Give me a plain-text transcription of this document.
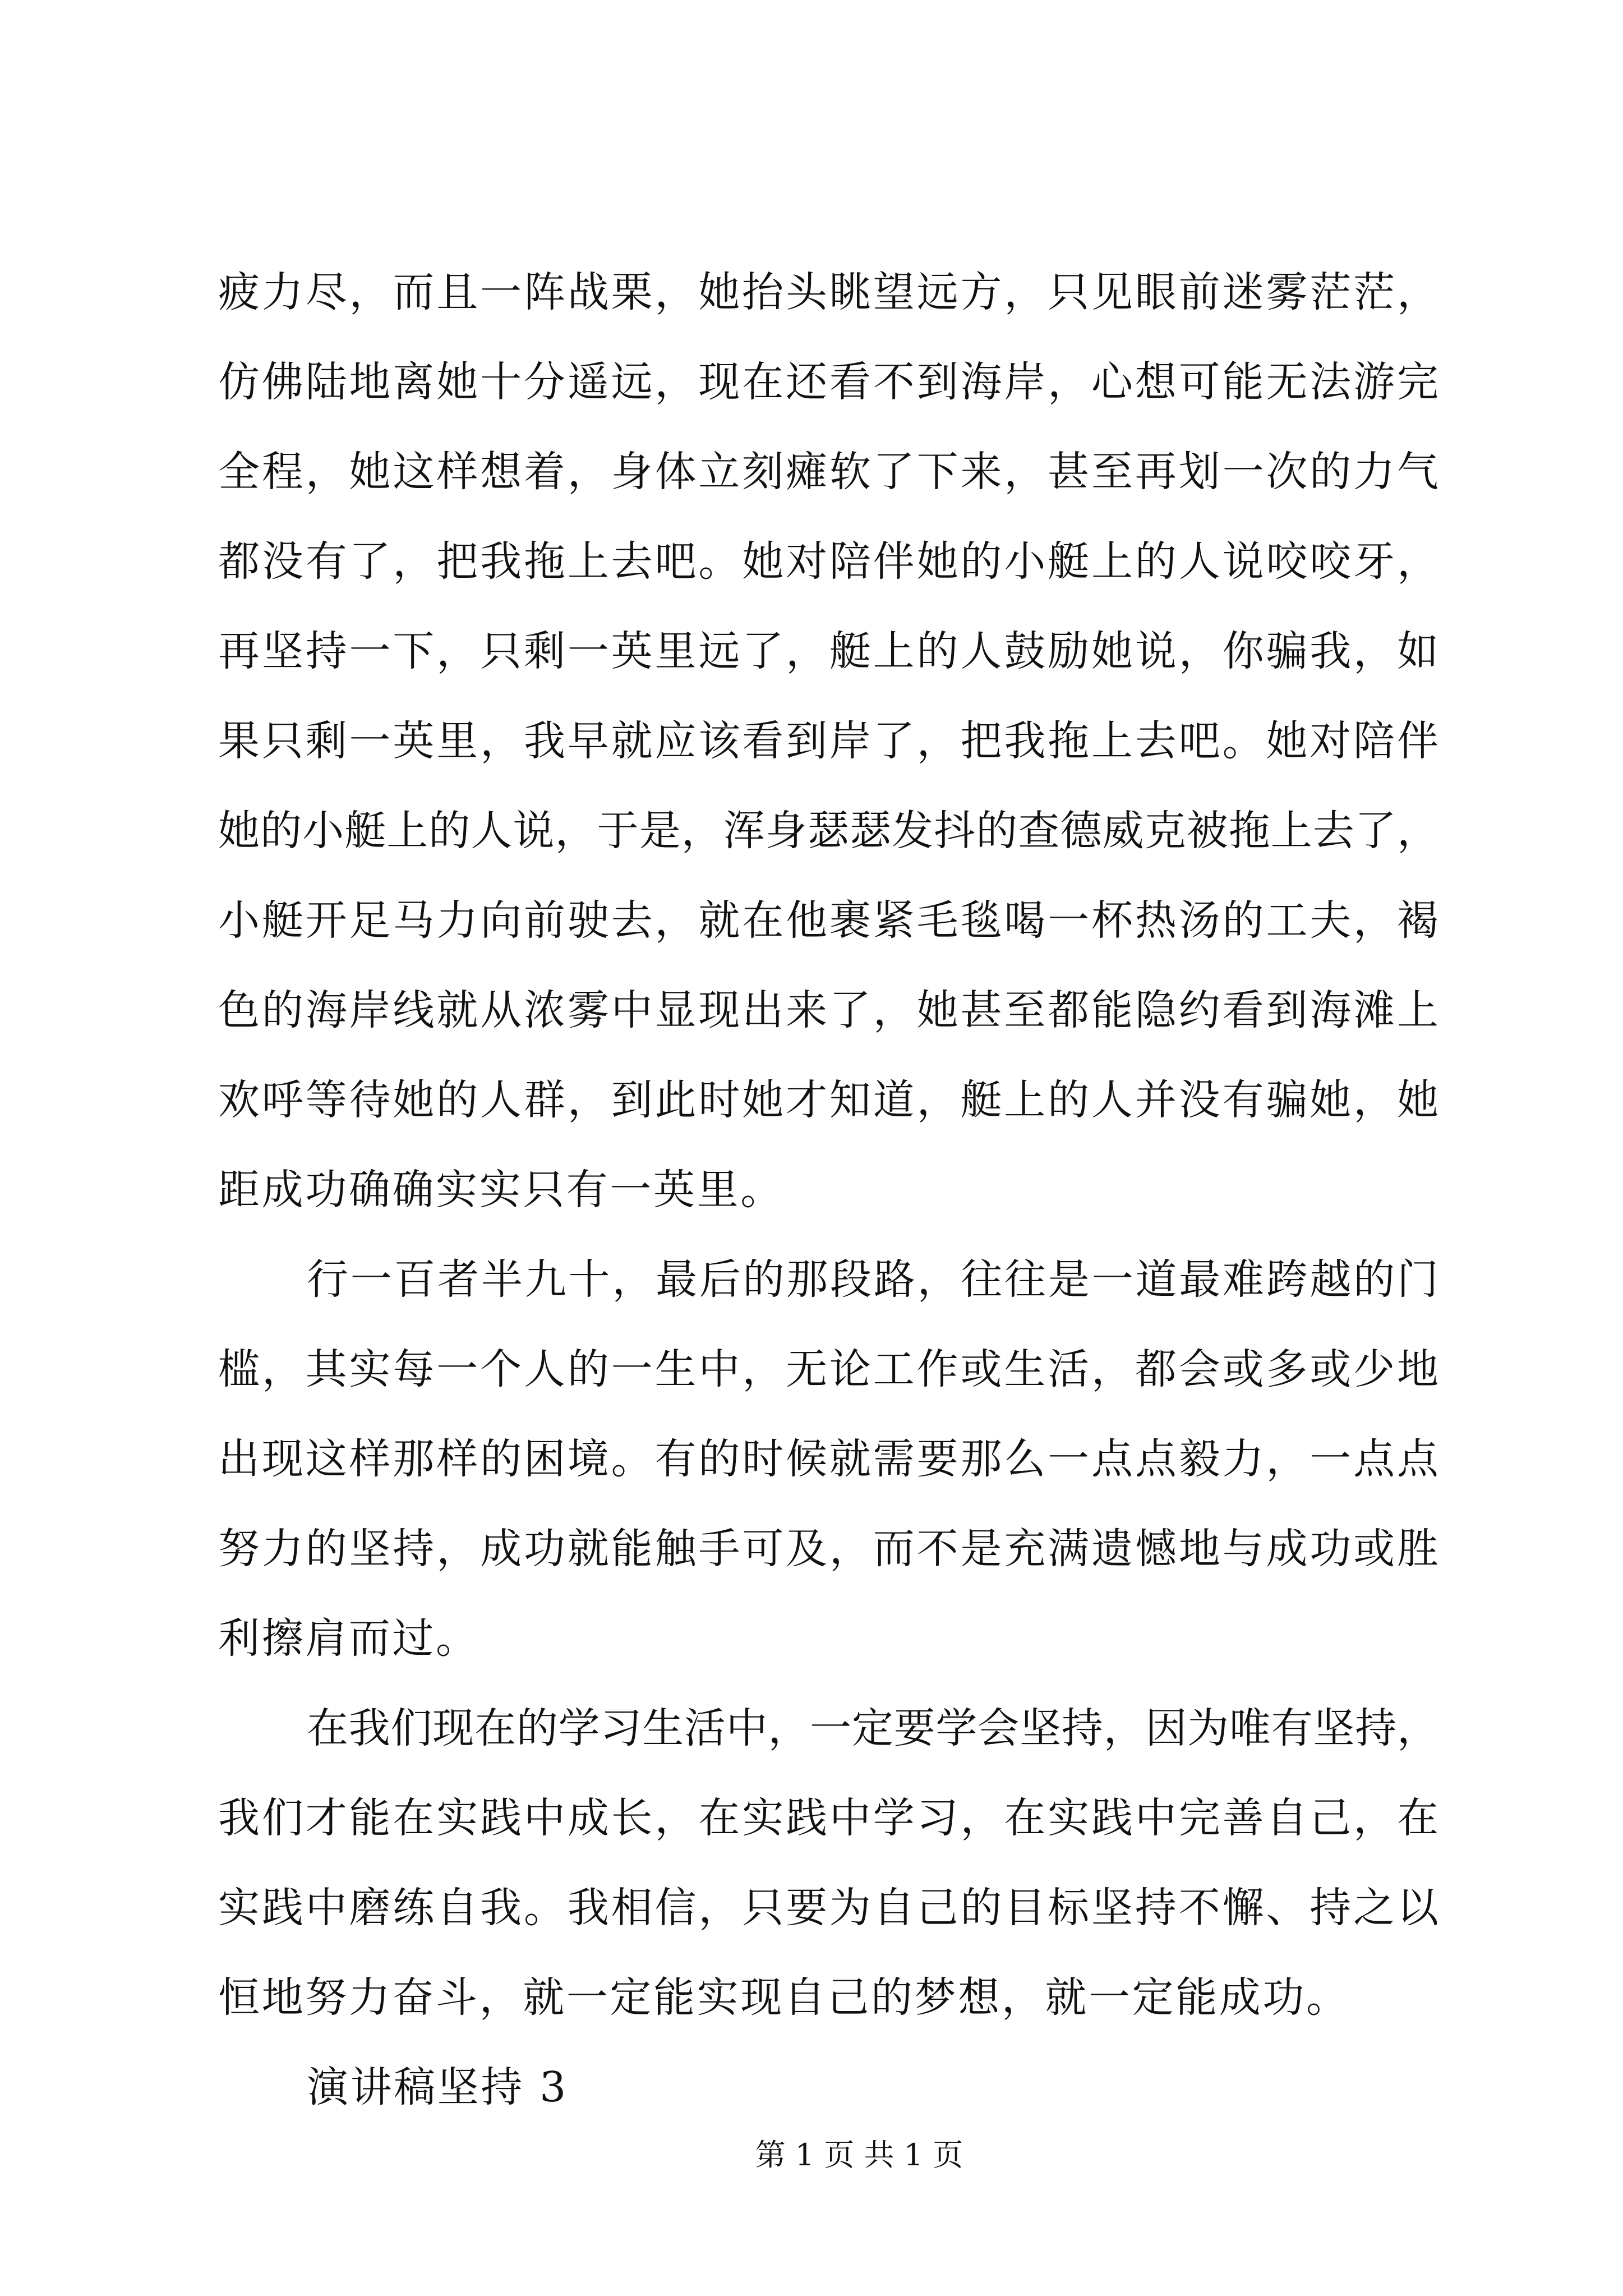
疲力尽，而且一阵战栗，她抬头眺望远方，只见眼前迷雾茫茫，
仿佛陆地离她十分遥远，现在还看不到海岸，心想可能无法游完
全程，她这样想着，身体立刻瘫软了下来，甚至再划一次的力气
都没有了，把我拖上去吧。她对陪伴她的小艇上的人说咬咬牙，
再坚持一下，只剩一英里远了，艇上的人鼓励她说，你骗我，如
果只剩一英里，我早就应该看到岸了，把我拖上去吧。她对陪伴
她的小艇上的人说，于是，浑身瑟瑟发抖的查德威克被拖上去了，
小艇开足马力向前驶去，就在他裹紧毛毯喝一杯热汤的工夫，褐
色的海岸线就从浓雾中显现出来了，她甚至都能隐约看到海滩上
欢呼等待她的人群，到此时她才知道，艇上的人并没有骗她，她
距成功确确实实只有一英里。
行一百者半九十，最后的那段路，往往是一道最难跨越的门
槛，其实每一个人的一生中，无论工作或生活，都会或多或少地
出现这样那样的困境。有的时候就需要那么一点点毅力，一点点
努力的坚持，成功就能触手可及，而不是充满遗憾地与成功或胜
利擦肩而过。
在我们现在的学习生活中，一定要学会坚持，因为唯有坚持，
我们才能在实践中成长，在实践中学习，在实践中完善自己，在
实践中磨练自我。我相信，只要为自己的目标坚持不懈、持之以
恒地努力奋斗，就一定能实现自己的梦想，就一定能成功。
演讲稿坚持 3
第 1 页 共 1 页
